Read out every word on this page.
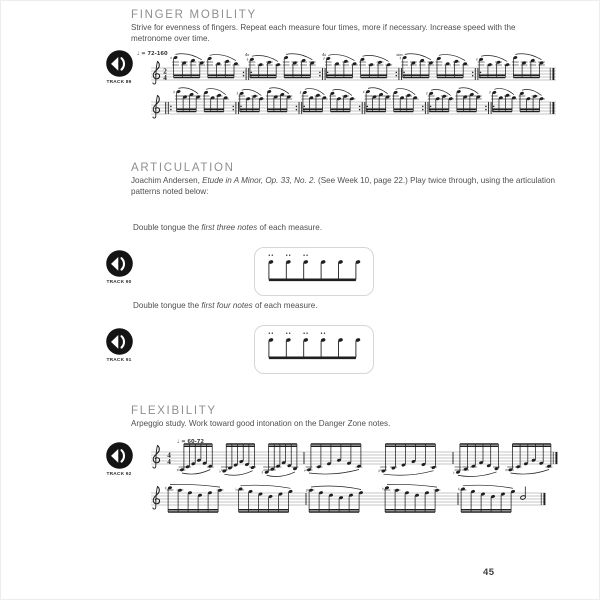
FINGER MOBILITY

Strive for evenness of fingers. Repeat each measure four times, more if necessary. Increase speed with the metronome over time.

TRACK 89
♩ = 72-160
2
4
♯	♯	♯	♯	♯
4x	4x	sim.
♯	♯	♯	♯	♯	♯
ARTICULATION

Joachim Andersen, Etude in A Minor, Op. 33, No. 2. (See Week 10, page 22.) Play twice through, using the articulation patterns noted below:

Double tongue the first three notes of each measure.

TRACK 90

Double tongue the first four notes of each measure.

TRACK 91
FLEXIBILITY

Arpeggio study. Work toward good intonation on the Danger Zone notes.

TRACK 92
♩ = 60-72
4
4
♯	♭	♯	♭	♯	♭	♯
♯	♭	♯	♭	♯
45
